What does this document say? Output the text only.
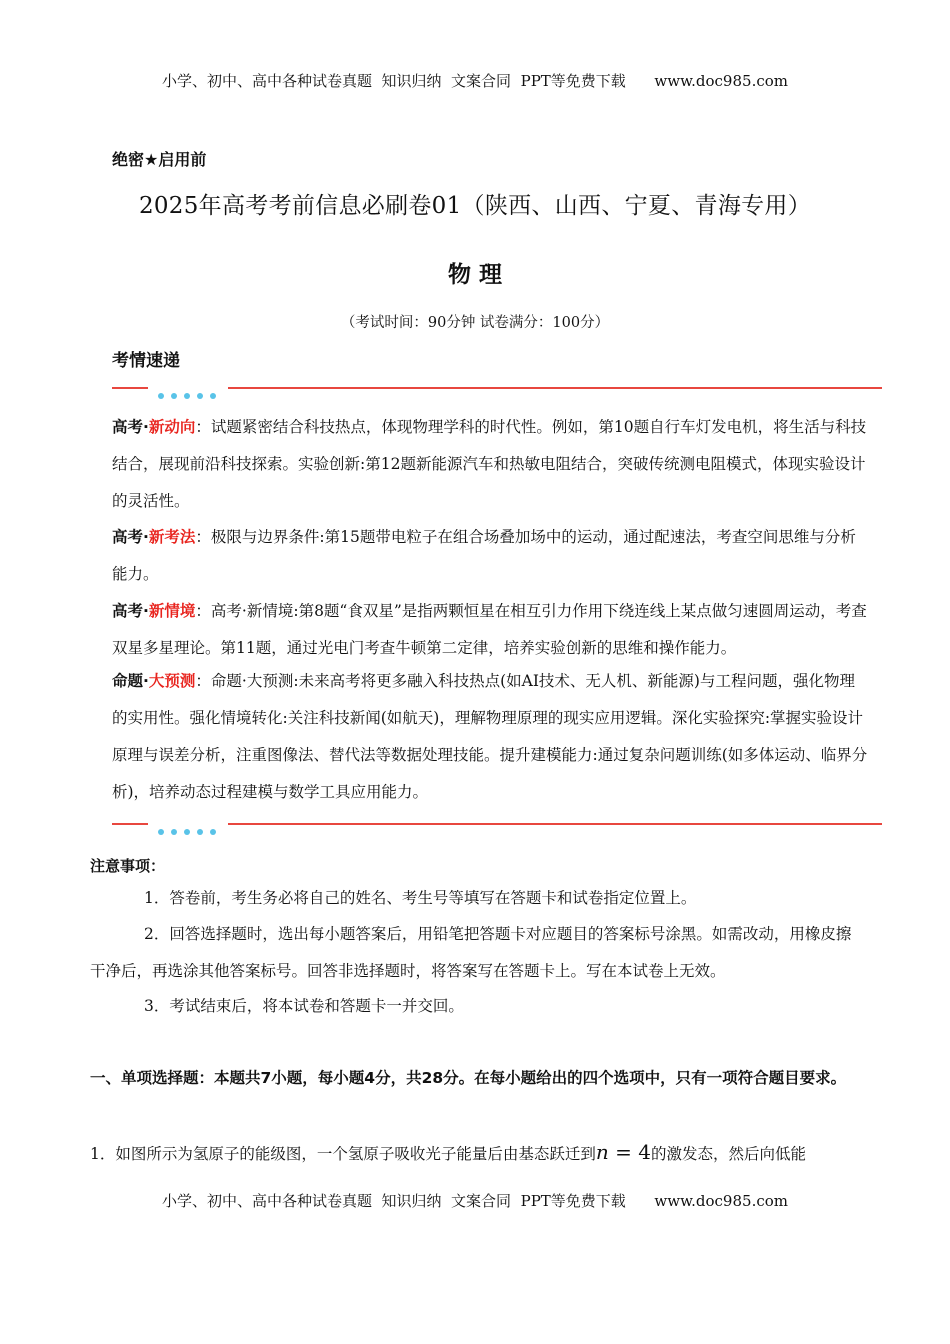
小学、初中、高中各种试卷真题  知识归纳  文案合同  PPT等免费下载      www.doc985.com
绝密★启用前
2025年高考考前信息必刷卷01（陕西、山西、宁夏、青海专用）
物 理
（考试时间：90分钟 试卷满分：100分）
考情速递
高考·新动向：试题紧密结合科技热点，体现物理学科的时代性。例如，第10题自行车灯发电机，将生活与科技结合，展现前沿科技探索。实验创新:第12题新能源汽车和热敏电阻结合，突破传统测电阻模式，体现实验设计的灵活性。
高考·新考法：极限与边界条件:第15题带电粒子在组合场叠加场中的运动，通过配速法，考查空间思维与分析能力。
高考·新情境：高考·新情境:第8题“食双星”是指两颗恒星在相互引力作用下绕连线上某点做匀速圆周运动，考查双星多星理论。第11题，通过光电门考查牛顿第二定律，培养实验创新的思维和操作能力。
命题·大预测：命题·大预测:未来高考将更多融入科技热点(如AI技术、无人机、新能源)与工程问题，强化物理的实用性。强化情境转化:关注科技新闻(如航天)，理解物理原理的现实应用逻辑。深化实验探究:掌握实验设计原理与误差分析，注重图像法、替代法等数据处理技能。提升建模能力:通过复杂问题训练(如多体运动、临界分析)，培养动态过程建模与数学工具应用能力。
注意事项：
1．答卷前，考生务必将自己的姓名、考生号等填写在答题卡和试卷指定位置上。
2．回答选择题时，选出每小题答案后，用铅笔把答题卡对应题目的答案标号涂黑。如需改动，用橡皮擦干净后，再选涂其他答案标号。回答非选择题时，将答案写在答题卡上。写在本试卷上无效。
3．考试结束后，将本试卷和答题卡一并交回。
一、单项选择题：本题共7小题，每小题4分，共28分。在每小题给出的四个选项中，只有一项符合题目要求。
1．如图所示为氢原子的能级图，一个氢原子吸收光子能量后由基态跃迁到n = 4的激发态，然后向低能
小学、初中、高中各种试卷真题  知识归纳  文案合同  PPT等免费下载      www.doc985.com
